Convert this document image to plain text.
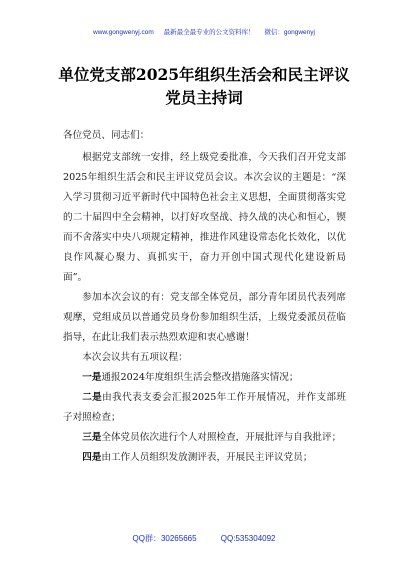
www.gongwenyj.com 最新最全最专业的公文资料库！ 微信：gongwenyj
单位党支部2025年组织生活会和民主评议党员主持词

各位党员、同志们：

根据党支部统一安排，经上级党委批准，今天我们召开党支部2025年组织生活会和民主评议党员会议。本次会议的主题是：“深入学习贯彻习近平新时代中国特色社会主义思想，全面贯彻落实党的二十届四中全会精神，以打好攻坚战、持久战的决心和恒心，锲而不舍落实中央八项规定精神，推进作风建设常态化长效化，以优良作风凝心聚力、真抓实干，奋力开创中国式现代化建设新局面”。

参加本次会议的有：党支部全体党员，部分青年团员代表列席观摩，党组成员以普通党员身份参加组织生活，上级党委派员莅临指导，在此让我们表示热烈欢迎和衷心感谢！

本次会议共有五项议程：

一是通报2024年度组织生活会整改措施落实情况；

二是由我代表支委会汇报2025年工作开展情况，并作支部班子对照检查；

三是全体党员依次进行个人对照检查，开展批评与自我批评；

四是由工作人员组织发放测评表，开展民主评议党员；

QQ群：30265665	QQ:535304092
